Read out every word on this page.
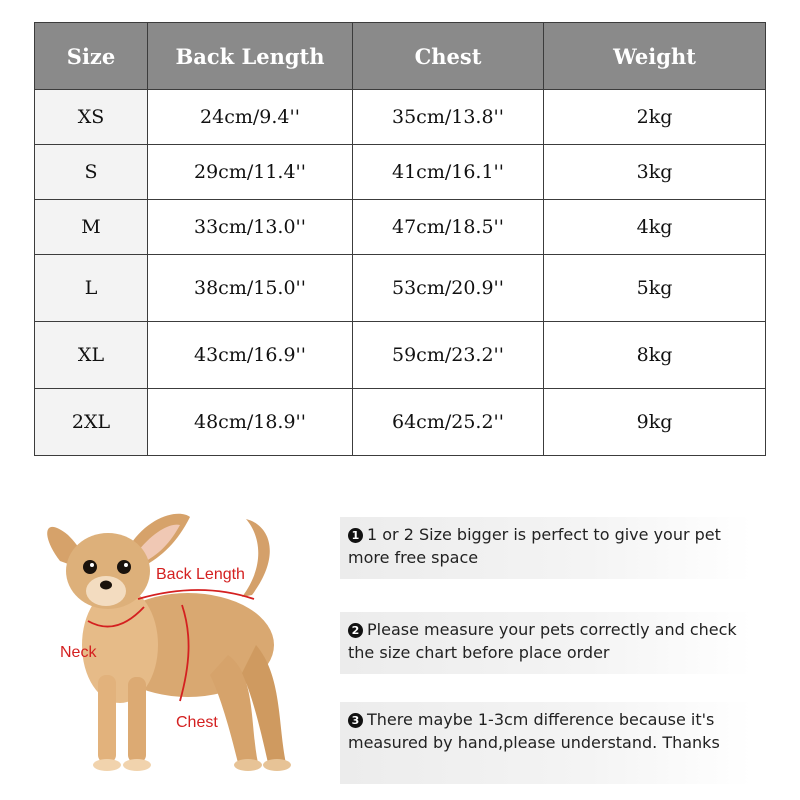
Size	Back Length	Chest	Weight
XS	24cm/9.4''	35cm/13.8''	2kg
S	29cm/11.4''	41cm/16.1''	3kg
M	33cm/13.0''	47cm/18.5''	4kg
L	38cm/15.0''	53cm/20.9''	5kg
XL	43cm/16.9''	59cm/23.2''	8kg
2XL	48cm/18.9''	64cm/25.2''	9kg
Back Length
Neck
Chest
1 1 or 2 Size bigger is perfect to give your pet more free space
2 Please measure your pets correctly and check the size chart before place order
3 There maybe 1-3cm difference because it's measured by hand,please understand. Thanks
